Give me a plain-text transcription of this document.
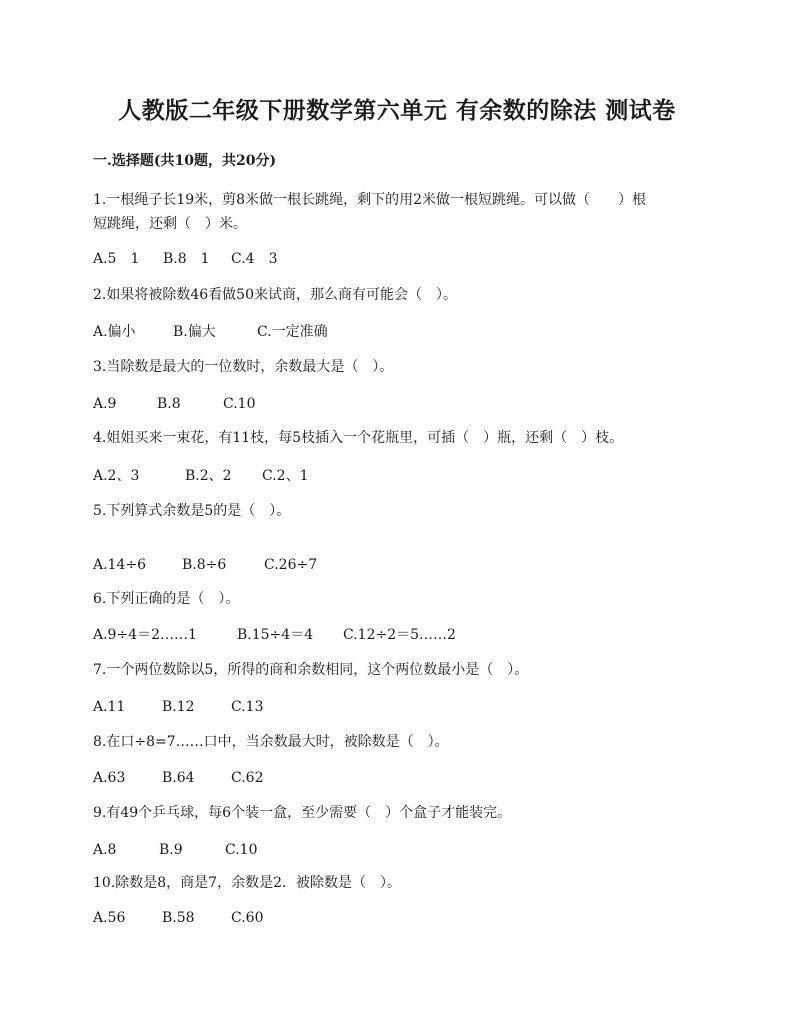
人教版二年级下册数学第六单元 有余数的除法 测试卷
一.选择题(共10题，共20分)
1.一根绳子长19米，剪8米做一根长跳绳，剩下的用2米做一根短跳绳。可以做（　　）根短跳绳，还剩（　）米。
A.5　1 B.8　1 C.4　3
2.如果将被除数46看做50来试商，那么商有可能会（　）。
A.偏小	B.偏大	C.一定准确
3.当除数是最大的一位数时，余数最大是（　）。
A.9	B.8	C.10
4.姐姐买来一束花，有11枝，每5枝插入一个花瓶里，可插（　）瓶，还剩（　）枝。
A.2、3	B.2、2 C.2、1
5.下列算式余数是5的是（　）。
A.14÷6	B.8÷6	C.26÷7
6.下列正确的是（　）。
A.9÷4＝2……1	B.15÷4＝4 C.12÷2＝5……2
7.一个两位数除以5，所得的商和余数相同，这个两位数最小是（　）。
A.11	B.12	C.13
8.在口÷8=7……口中，当余数最大时，被除数是（　）。
A.63	B.64	C.62
9.有49个乒乓球，每6个装一盒，至少需要（　）个盒子才能装完。
A.8	B.9	C.10
10.除数是8，商是7，余数是2．被除数是（　）。
A.56	B.58	C.60
